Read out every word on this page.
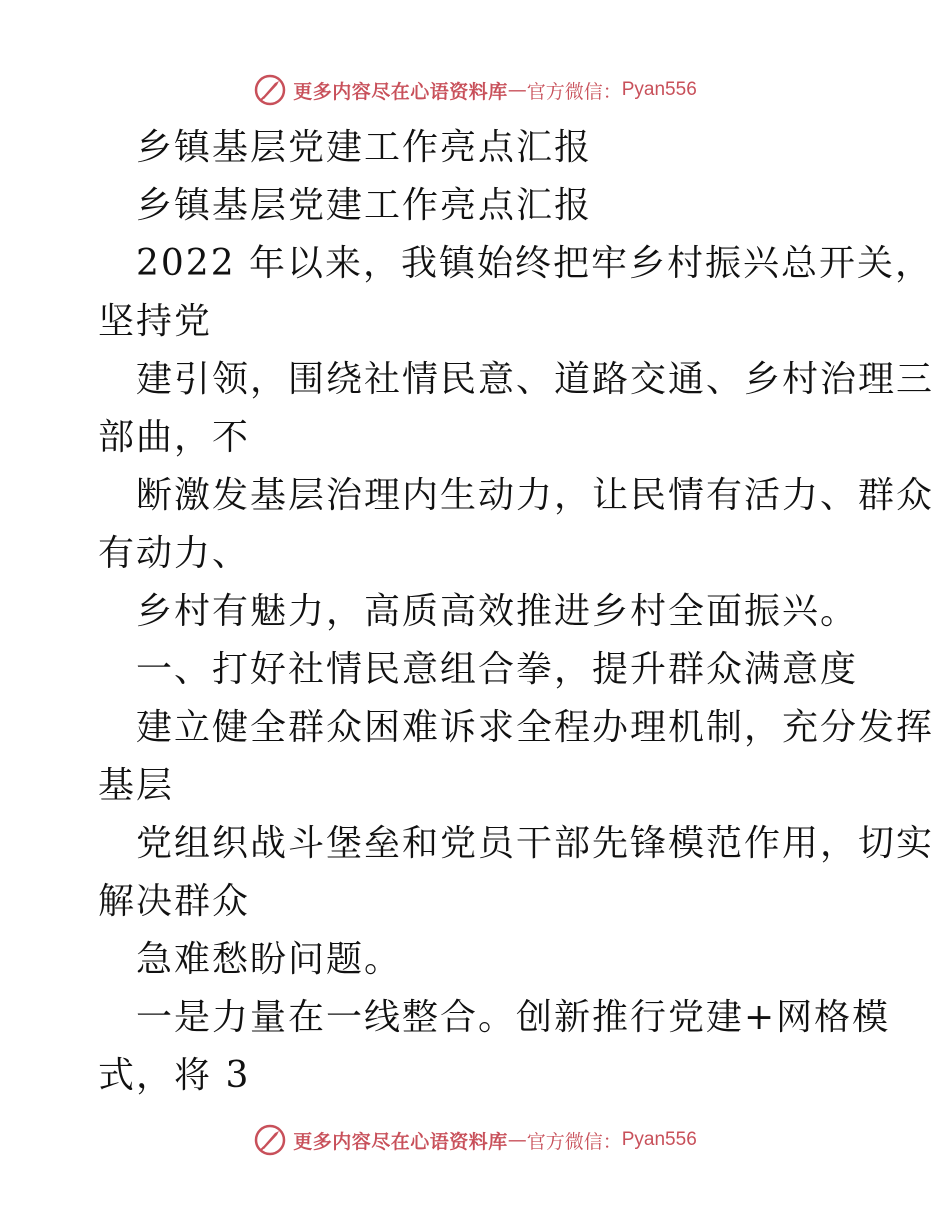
更多内容尽在心语资料库 — 官方微信： Pyan556
乡镇基层党建工作亮点汇报
乡镇基层党建工作亮点汇报
2022 年以来，我镇始终把牢乡村振兴总开关，
坚持党
建引领，围绕社情民意、道路交通、乡村治理三
部曲，不
断激发基层治理内生动力，让民情有活力、群众
有动力、
乡村有魅力，高质高效推进乡村全面振兴。
一、打好社情民意组合拳，提升群众满意度
建立健全群众困难诉求全程办理机制，充分发挥
基层
党组织战斗堡垒和党员干部先锋模范作用，切实
解决群众
急难愁盼问题。
一是力量在一线整合。创新推行党建+网格模
式，将 3
更多内容尽在心语资料库 — 官方微信： Pyan556
